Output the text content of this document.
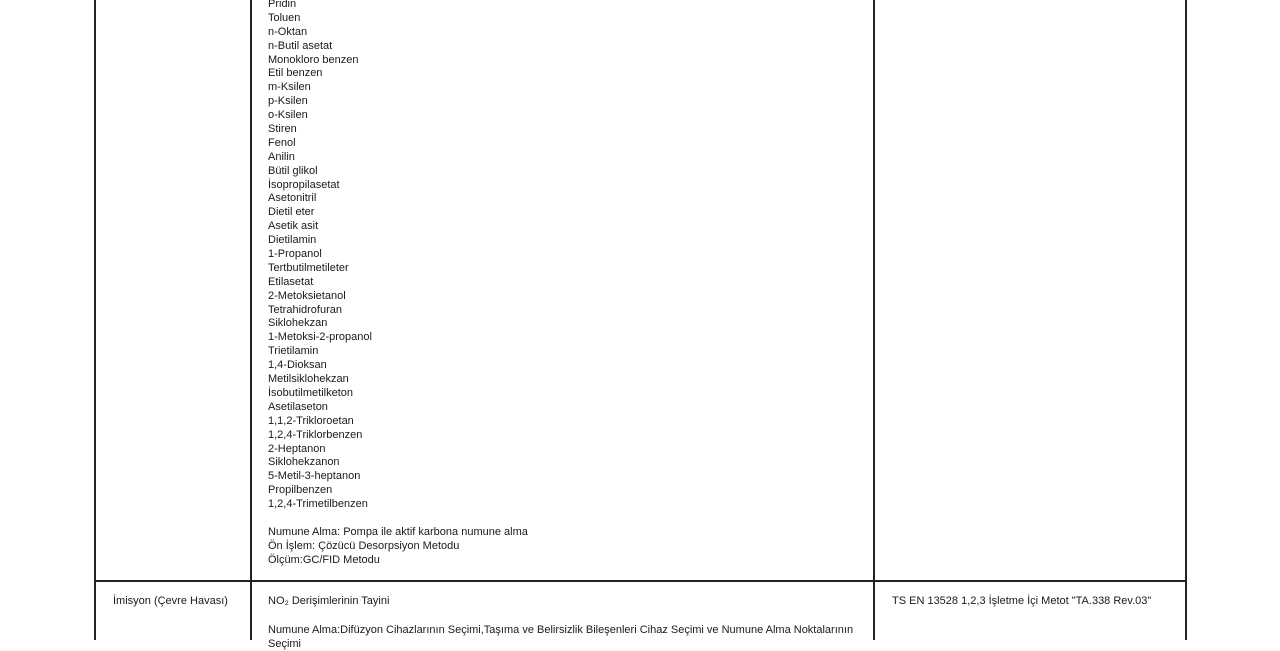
Pridin
Toluen
n-Oktan
n-Butil asetat
Monokloro benzen
Etil benzen
m-Ksilen
p-Ksilen
o-Ksilen
Stiren
Fenol
Anilin
Bütil glikol
İsopropilasetat
Asetonitril
Dietil eter
Asetik asit
Dietilamin
1-Propanol
Tertbutilmetileter
Etilasetat
2-Metoksietanol
Tetrahidrofuran
Siklohekzan
1-Metoksi-2-propanol
Trietilamin
1,4-Dioksan
Metilsiklohekzan
İsobutilmetilketon
Asetilaseton
1,1,2-Trikloroetan
1,2,4-Triklorbenzen
2-Heptanon
Siklohekzanon
5-Metil-3-heptanon
Propilbenzen
1,2,4-Trimetilbenzen
Numune Alma: Pompa ile aktif karbona numune alma
Ön İşlem: Çözücü Desorpsiyon Metodu
Ölçüm:GC/FID Metodu
İmisyon (Çevre Havası)	NO₂ Derişimlerinin Tayini
Numune Alma:Difüzyon Cihazlarının Seçimi,Taşıma ve Belirsizlik Bileşenleri Cihaz Seçimi ve Numune Alma Noktalarının Seçimi
TS EN 13528 1,2,3 İşletme İçi Metot "TA.338 Rev.03"
